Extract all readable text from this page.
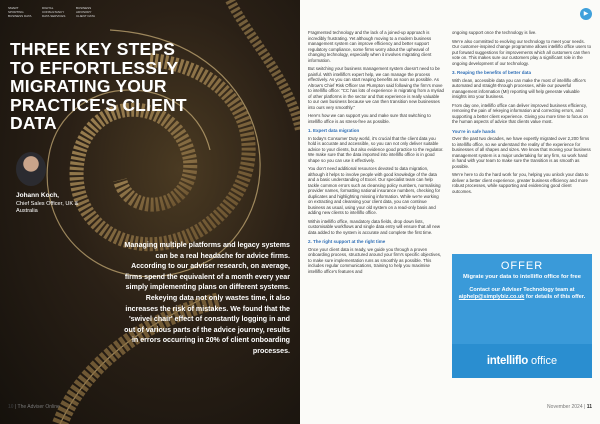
SMART SPORTING BUSINESS DATA
DIGITAL CONSULTANCY DATA SERVICES
BUSINESS ADVISORY CLIENT DATA
THREE KEY STEPS TO EFFORTLESSLY MIGRATING YOUR PRACTICE'S CLIENT DATA
Johann Koch,
Chief Sales Officer, UK & Australia
Managing multiple platforms and legacy systems can be a real headache for advice firms. According to our adviser research, on average, firms spend the equivalent of a month every year simply implementing plans on different systems. Rekeying data not only wastes time, it also increases the risk of mistakes. We found that the 'swivel chair' effect of constantly logging in and out of various parts of the advice journey, results in errors occurring in 20% of client onboarding processes.
▶

Fragmented technology and the lack of a joined-up approach is incredibly frustrating. Yet although moving to a modern business management system can improve efficiency and better support regulatory compliance, some firms worry about the upheaval of changing technology, especially when it involves migrating client information.

But switching your business management system doesn't need to be painful. With intelliflo's expert help, we can manage the process effectively. As you can start reaping benefits as soon as possible. As Altrow's Chief Risk Officer Ian Plumpton said following the firm's move to intelliflo office: "CC has lots of experience in migrating from a myriad of other platforms in the sector and that experience is really valuable to our own business because we can then transition new businesses into ours very smoothly."

Here's how we can support you and make sure that switching to intelliflo office is as stress-free as possible.

1. Expert data migration

In today's Consumer Duty world, it's crucial that the client data you hold is accurate and accessible, so you can not only deliver suitable advice to your clients, but also evidence good practice to the regulator. We make sure that the data imported into intelliflo office is in good shape so you can use it effectively.

You don't need additional resources devoted to data migration, although it helps to involve people with good knowledge of the data and a basic understanding of Excel. Our specialist team can help tackle common errors such as cleansing policy numbers, normalising provider names, formatting national insurance numbers, checking for duplicates and highlighting missing information. While we're working on extracting and cleansing your client data, you can continue business as usual, using your old system on a read-only basis and adding new clients to intelliflo office.

Within intelliflo office, mandatory data fields, drop down lists, customisable workflows and single data entry will ensure that all new data added to the system is accurate and complete the first time.

2. The right support at the right time

Once your client data is ready, we guide you through a proven onboarding process, structured around your firm's specific objectives, to make sure implementation runs as smoothly as possible. This includes regular communications, training to help you maximise intelliflo office's features and

ongoing support once the technology is live.

We're also committed to evolving our technology to meet your needs. Our customer-inspired change programme allows intelliflo office users to put forward suggestions for improvements which all customers can then vote on. This makes sure our customers play a significant role in the ongoing development of our technology.

3. Reaping the benefits of better data

With clean, accessible data you can make the most of intelliflo office's automated and straight-through processes, while our powerful management information (MI) reporting will help generate valuable insights into your business.

From day one, intelliflo office can deliver improved business efficiency, removing the pain of rekeying information and correcting errors, and supporting a better client experience. Giving you more time to focus on the human aspects of advice that clients value most.

You're in safe hands

Over the past two decades, we have expertly migrated over 2,200 firms to intelliflo office, so we understand the reality of the experience for businesses of all shapes and sizes. We know that moving your business management system is a major undertaking for any firm, so work hand in hand with your team to make sure the transition is as smooth as possible.

We're here to do the hard work for you, helping you unlock your data to deliver a better client experience, greater business efficiency and more robust processes, while supporting and evidencing good client outcomes.

OFFER
Migrate your data to intelliflo office for free
Contact our Adviser Technology team at aiphelp@simplybiz.co.uk for details of this offer.
intelliflo office
10 | The Adviser Online	November 2024 | 11
